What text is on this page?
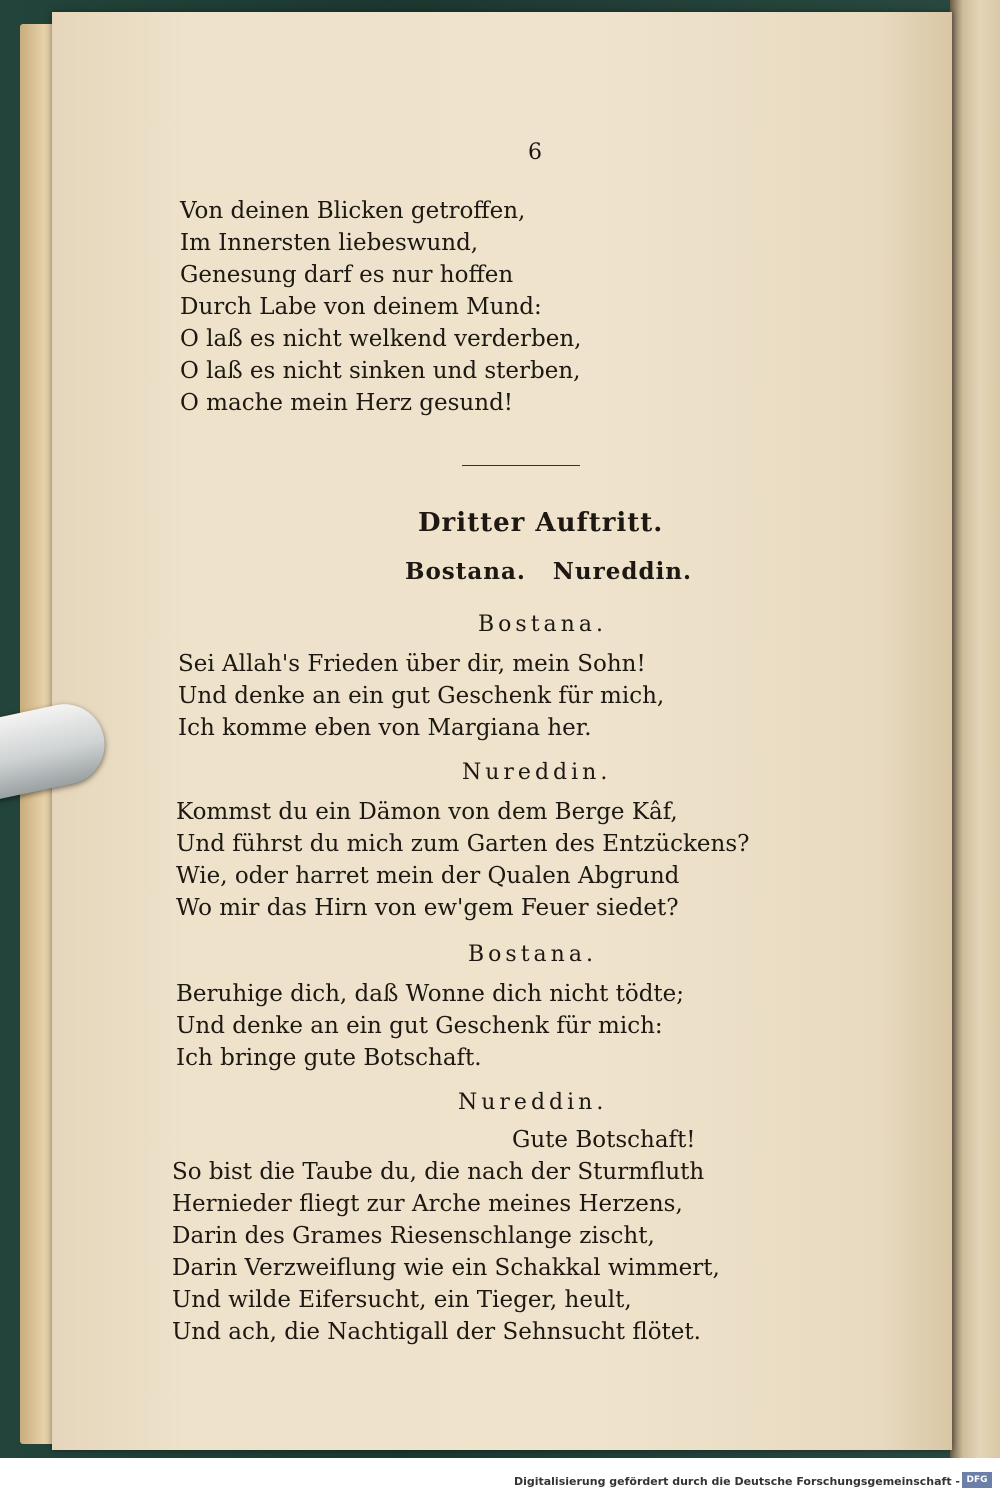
6
Von deinen Blicken getroffen,
Im Innersten liebeswund,
Genesung darf es nur hoffen
Durch Labe von deinem Mund:
O laß es nicht welkend verderben,
O laß es nicht sinken und sterben,
O mache mein Herz gesund!
Dritter Auftritt.
Bostana.   Nureddin.
Bostana.
Sei Allah's Frieden über dir, mein Sohn!
Und denke an ein gut Geschenk für mich,
Ich komme eben von Margiana her.
Nureddin.
Kommst du ein Dämon von dem Berge Kâf,
Und führst du mich zum Garten des Entzückens?
Wie, oder harret mein der Qualen Abgrund
Wo mir das Hirn von ew'gem Feuer siedet?
Bostana.
Beruhige dich, daß Wonne dich nicht tödte;
Und denke an ein gut Geschenk für mich:
Ich bringe gute Botschaft.
Nureddin.
Gute Botschaft!
So bist die Taube du, die nach der Sturmfluth
Hernieder fliegt zur Arche meines Herzens,
Darin des Grames Riesenschlange zischt,
Darin Verzweiflung wie ein Schakkal wimmert,
Und wilde Eifersucht, ein Tieger, heult,
Und ach, die Nachtigall der Sehnsucht flötet.
Digitalisierung gefördert durch die Deutsche Forschungsgemeinschaft - DFG
